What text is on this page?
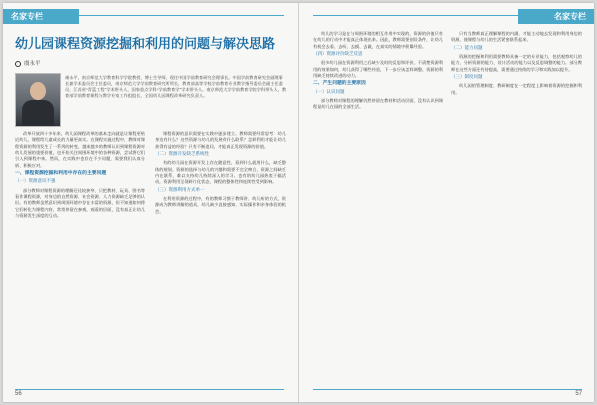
名家专栏
幼儿园课程资源挖掘和利用的问题与解决思路
虞永平
虞永平，南京师范大学教育科学学院教授、博士生导师，现任中国学前教育研究会理事长。中国学前教育研究会副理事长兼学术委员会主任委员，南京师范大学学前教育研究所所长，教育部高等学校学前教育专业教学指导委员会副主任委员，江苏省“青蓝工程”学术带头人，国家重点学科“学前教育学”学术带头人。南京师范大学学前教育学院学科带头人，教育部学前教育课程与教学专家工作组组长，全国幼儿园课程改革研究负责人。

改革开放四十多年来，幼儿园课程改革的基本走向就是让课程更贴近幼儿，课程给儿童成长的力量更真实。在课程实施过程中，教师对课程资源的利用发生了一系列的转变，越来越多的教师认识到课程资源对幼儿发展的重要价值，也开始关注周围环境中的各种资源，尝试将它们引入到课程中来。然而，在实践中也存在不少问题，需要我们认真分析、积极应对。

一、课程资源挖掘和利用中存在的主要问题
（一）资源意识不强

部分教师对课程资源的理解还比较狭窄，只把教材、玩具、图书等看作课程资源，对身边的自然资源、社会资源、人力资源缺乏足够的认识。有的教师虽然意识到周围环境中存在丰富的资源，但不知道如何将它们转化为课程内容，常常停留在参观、观看的层面，没有真正让幼儿与资源发生深度的互动。

课程资源的意识需要在实践中逐步建立。教师需要经常思考：幼儿身边有什么？这些资源与幼儿的发展有什么联系？怎样利用才能让幼儿获得有益的经验？只有不断追问，才能真正发现资源的价值。

（二）资源开发缺乏系统性

有的幼儿园在资源开发上存在随意性，看到什么就用什么，缺乏整体的规划。资源的选择与幼儿的兴趣和需要不完全吻合，资源之间缺乏内在联系，难以支持幼儿持续深入的学习。也有的幼儿园热衷于搞活动，资源利用呈现碎片化状态，课程的整体性和连续性受到影响。

（三）资源利用方式单一

在利用资源的过程中，有的教师习惯于教师讲、幼儿听的方式，资源成为教师讲解的道具，幼儿缺少直接感知、实际操作和亲身体验的机会。

56
名家专栏

幼儿的学习是在与周围环境的相互作用中实现的，资源的价值只有在幼儿的行动中才能真正体现出来。因此，教师需要创设条件，让幼儿有机会去看、去听、去摸、去做，在真实的情境中积累经验。

（四）资源评价缺乏反思

很多幼儿园在资源利用之后缺少及时的反思和评价，不清楚资源利用的效果如何，幼儿获得了哪些经验，下一步应该怎样调整。资源的利用缺乏持续改进的动力。

二、产生问题的主要原因
（一）认识问题

部分教师对课程的理解仍然停留在教材和活动层面，没有认识到课程是幼儿在园的全部生活。

只有当教师真正理解课程的内涵，才能主动地去发现和利用身边的资源，使课程与幼儿的生活紧密联系起来。

（二）能力问题

资源的挖掘和利用需要教师具备一定的专业能力，包括观察幼儿的能力、分析资源的能力、设计活动的能力以及反思调整的能力。部分教师在这些方面还有待提高，需要通过持续的学习和实践加以提升。

（三）制度问题

幼儿园的管理制度、教研制度在一定程度上影响着资源的挖掘和利用。

57
